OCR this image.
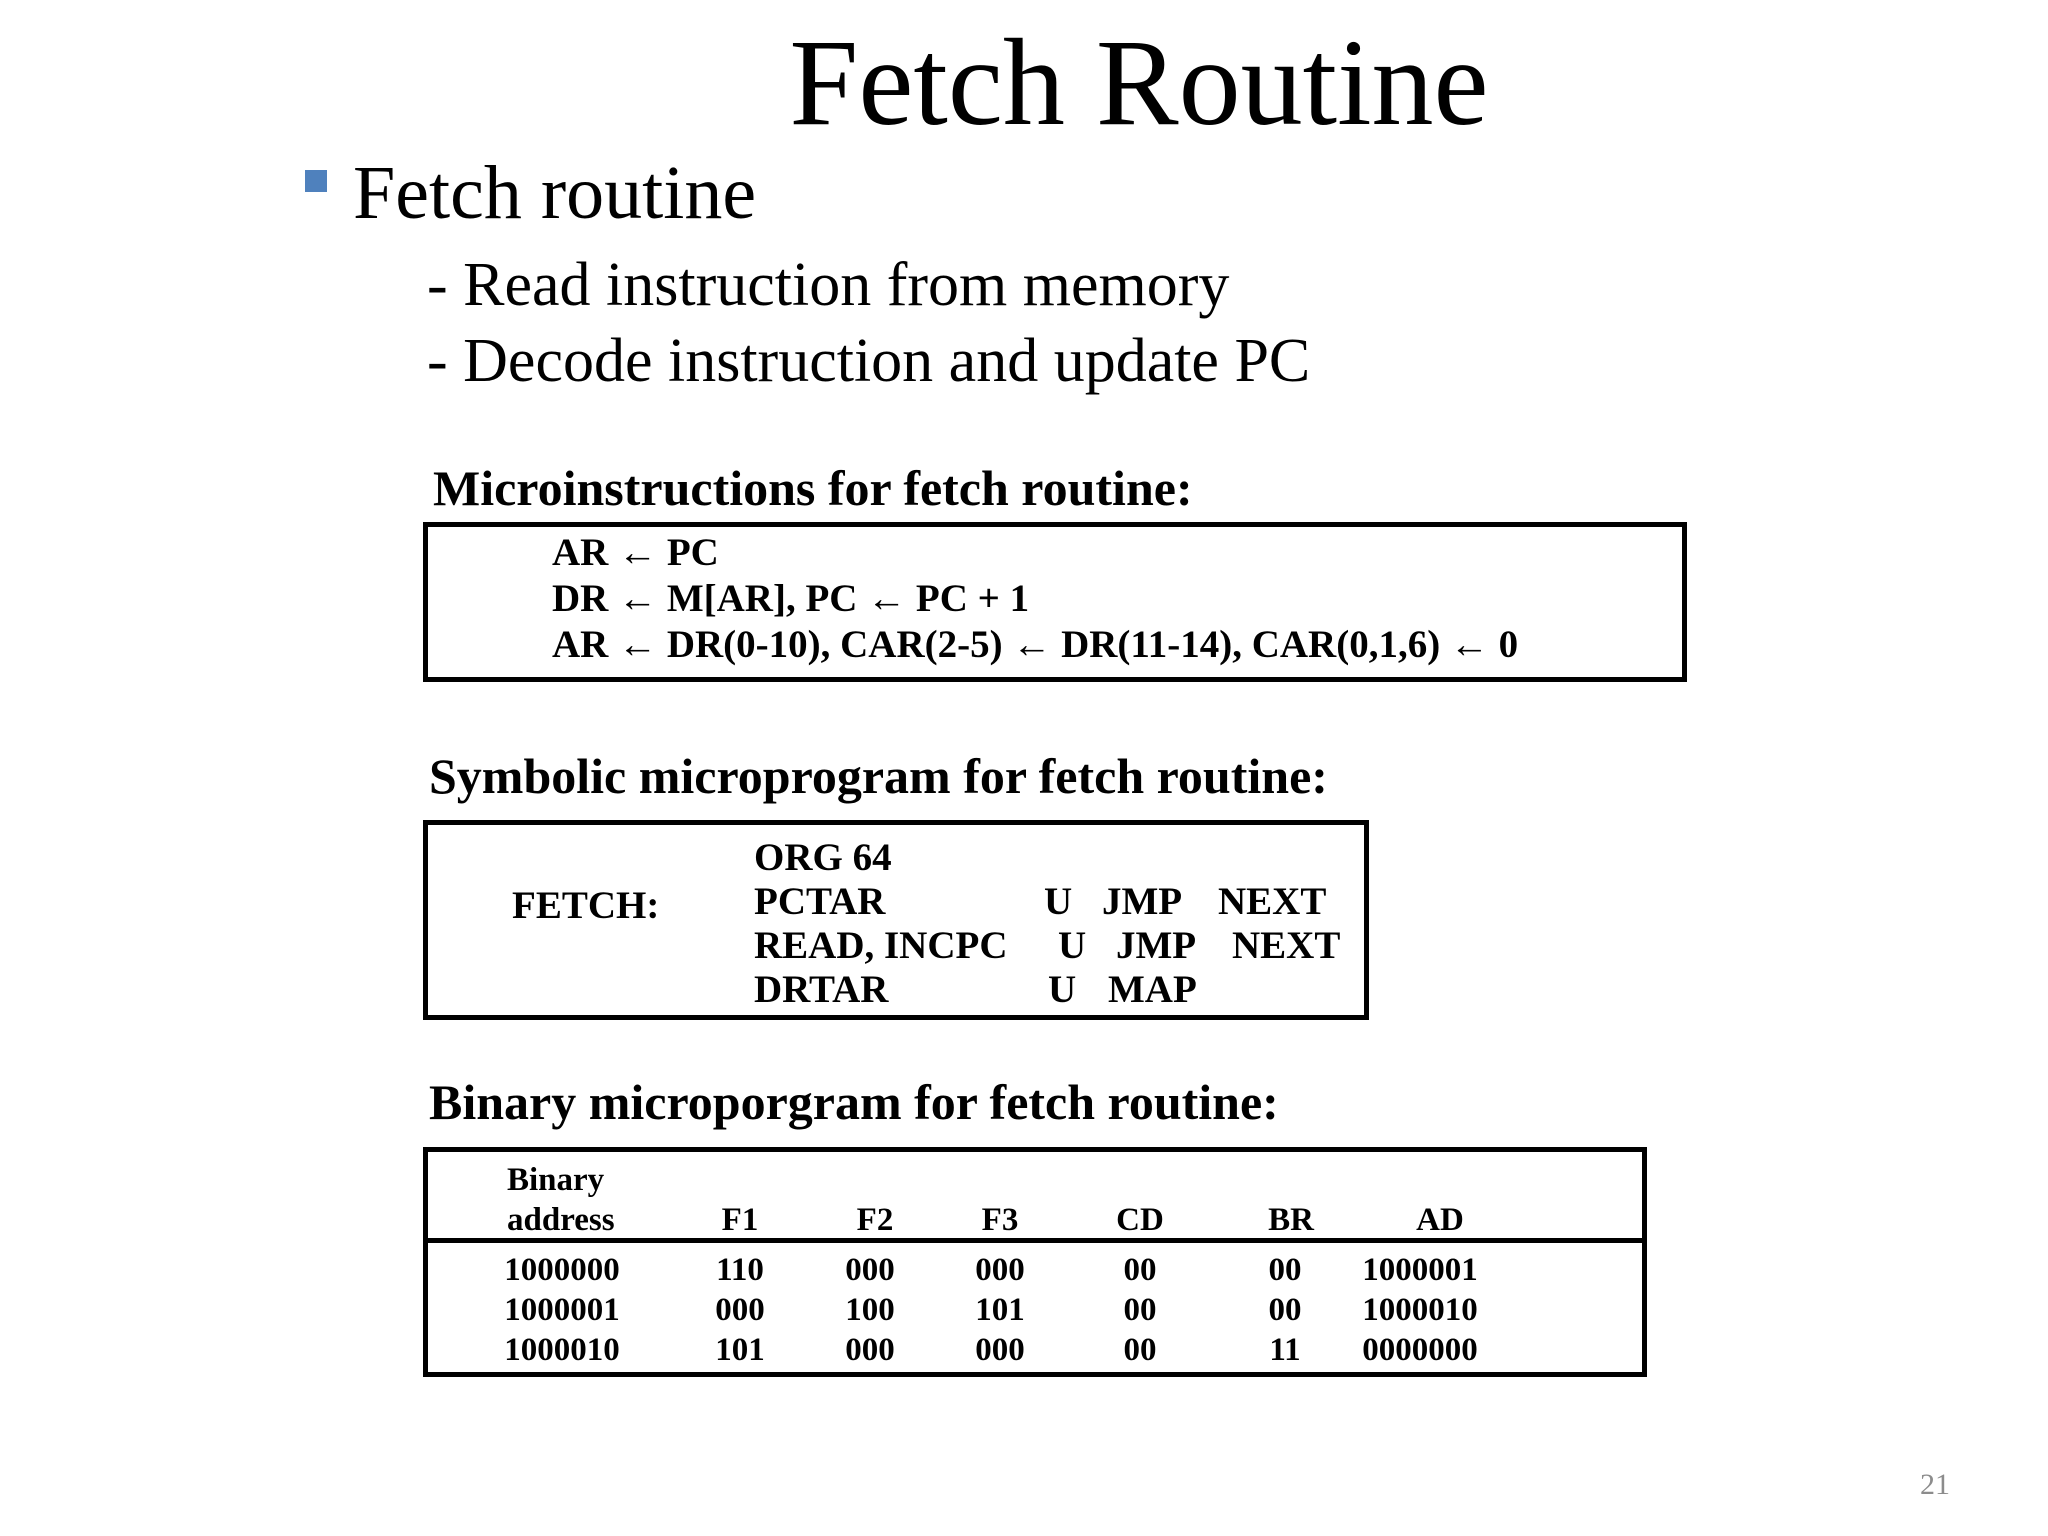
Fetch Routine
Fetch routine
- Read instruction from memory
- Decode instruction and update PC
Microinstructions for fetch routine:
AR ← PC
DR ← M[AR], PC ← PC + 1
AR ← DR(0-10), CAR(2-5) ← DR(11-14), CAR(0,1,6) ← 0
Symbolic microprogram for fetch routine:
FETCH:
ORG 64
PCTAR	U JMP NEXT
READ, INCPC U JMP NEXT
DRTAR	U MAP
Binary microporgram for fetch routine:
Binary
address	F1	F2	F3	CD	BR	AD
1000000	110	000	000	00	00	1000001
1000001	000	100	101	00	00	1000010
1000010	101	000	000	00	11	0000000
21
